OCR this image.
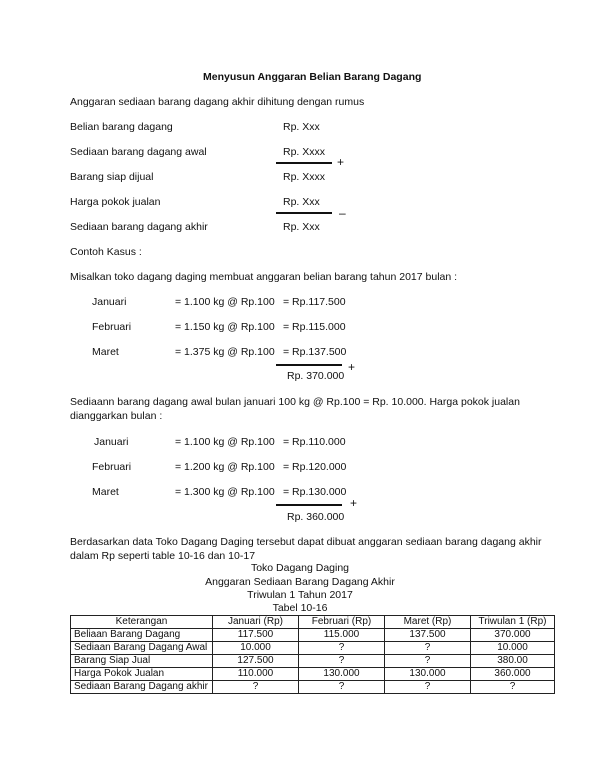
Menyusun Anggaran Belian Barang Dagang
Anggaran sediaan barang dagang akhir dihitung dengan rumus
Belian barang dagang	Rp. Xxx
Sediaan barang dagang awal	Rp. Xxxx
+
Barang siap dijual	Rp. Xxxx
Harga pokok jualan	Rp. Xxx
–
Sediaan barang dagang akhir	Rp. Xxx
Contoh Kasus :
Misalkan toko dagang daging membuat anggaran belian barang tahun 2017 bulan :
Januari	= 1.100 kg @ Rp.100 = Rp.117.500
Februari	= 1.150 kg @ Rp.100 = Rp.115.000
Maret	= 1.375 kg @ Rp.100 = Rp.137.500
+
Rp. 370.000
Sediaann barang dagang awal bulan januari 100 kg @ Rp.100 = Rp. 10.000. Harga pokok jualan
dianggarkan bulan :
Januari	= 1.100 kg @ Rp.100 = Rp.110.000
Februari	= 1.200 kg @ Rp.100 = Rp.120.000
Maret	= 1.300 kg @ Rp.100 = Rp.130.000
+
Rp. 360.000
Berdasarkan data Toko Dagang Daging tersebut dapat dibuat anggaran sediaan barang dagang akhir
dalam Rp seperti table 10-16 dan 10-17
Toko Dagang Daging
Anggaran Sediaan Barang Dagang Akhir
Triwulan 1 Tahun 2017
Tabel 10-16
Keterangan	Januari (Rp)	Februari (Rp)	Maret (Rp)	Triwulan 1 (Rp)
Beliaan Barang Dagang	117.500	115.000	137.500	370.000
Sediaan Barang Dagang Awal	10.000	?	?	10.000
Barang Siap Jual	127.500	?	?	380.00
Harga Pokok Jualan	110.000	130.000	130.000	360.000
Sediaan Barang Dagang akhir	?	?	?	?
